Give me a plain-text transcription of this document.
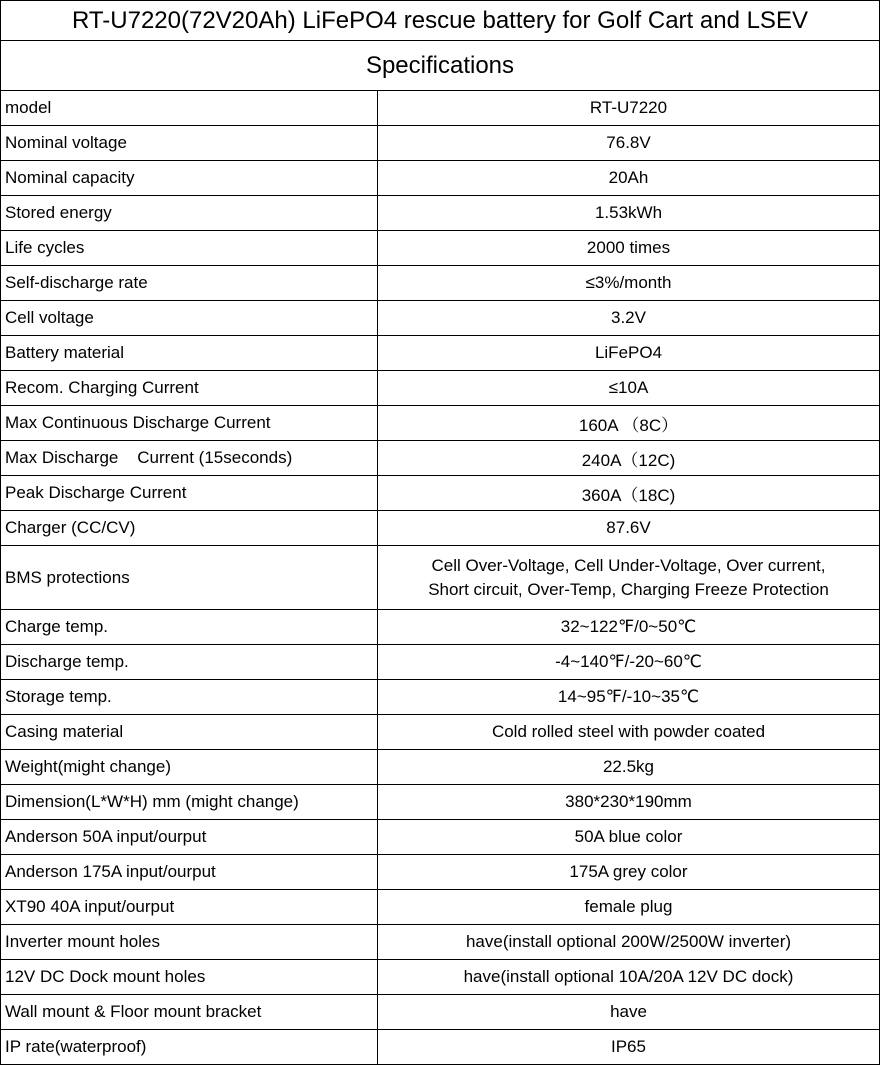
RT-U7220(72V20Ah) LiFePO4 rescue battery for Golf Cart and LSEV	
Specifications	
model	RT-U7220
Nominal voltage	76.8V
Nominal capacity	20Ah
Stored energy	1.53kWh
Life cycles	2000 times
Self-discharge rate	≤3%/month
Cell voltage	3.2V
Battery material	LiFePO4
Recom. Charging Current	≤10A
Max Continuous Discharge Current	160A （8C）
Max Discharge    Current (15seconds)	240A（12C)
Peak Discharge Current	360A（18C)
Charger (CC/CV)	87.6V
BMS protections	Cell Over-Voltage, Cell Under-Voltage, Over current,
Short circuit, Over-Temp, Charging Freeze Protection

Charge temp.	32~122℉/0~50℃
Discharge temp.	-4~140℉/-20~60℃
Storage temp.	14~95℉/-10~35℃
Casing material	Cold rolled steel with powder coated
Weight(might change)	22.5kg
Dimension(L*W*H) mm (might change)	380*230*190mm
Anderson 50A input/ourput	50A blue color
Anderson 175A input/ourput	175A grey color
XT90 40A input/ourput	female plug
Inverter mount holes	have(install optional 200W/2500W inverter)
12V DC Dock mount holes	have(install optional 10A/20A 12V DC dock)
Wall mount & Floor mount bracket	have
IP rate(waterproof)	IP65
